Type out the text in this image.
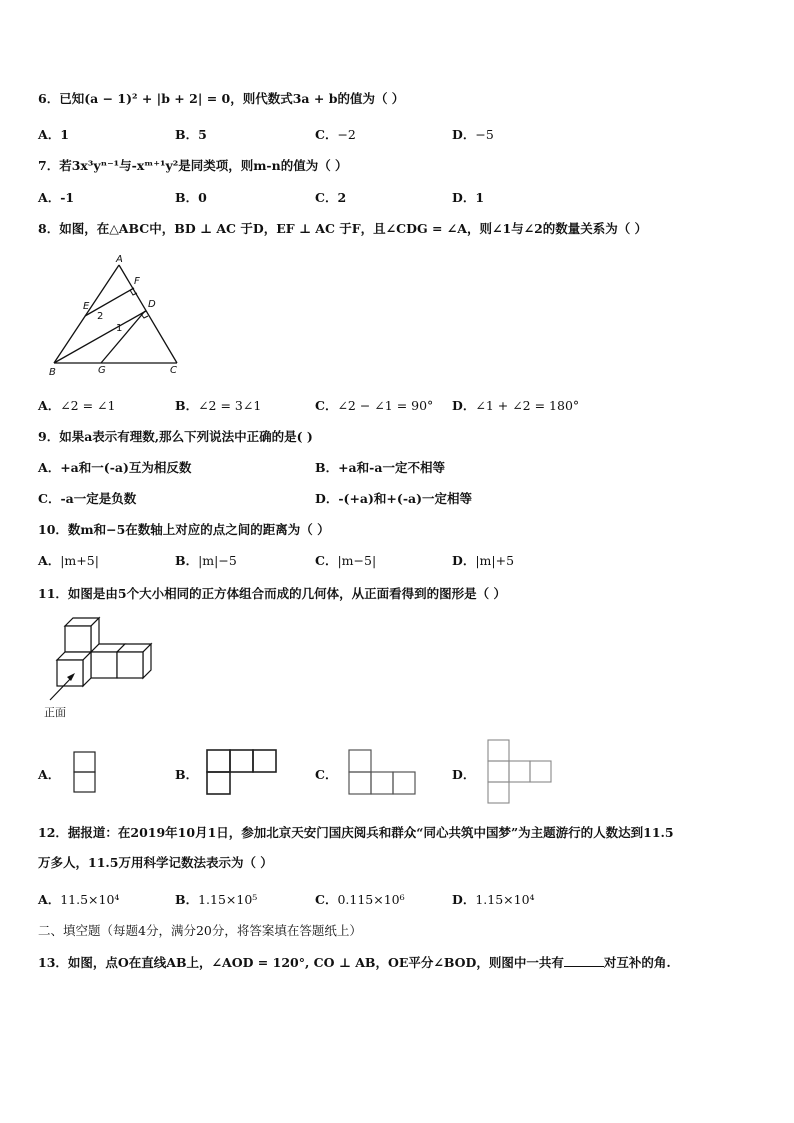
6．已知(a − 1)² + |b + 2| = 0，则代数式3a + b的值为（ ）
A．1	B．5	C．−2	D．−5
7．若3x³yⁿ⁻¹与-xᵐ⁺¹y²是同类项，则m-n的值为（ ）
A．-1	B．0	C．2	D．1
8．如图，在△ABC中，BD ⊥ AC 于D，EF ⊥ AC 于F，且∠CDG = ∠A，则∠1与∠2的数量关系为（ ）
A
F
E	D
B	G	C
2
1
A．∠2 = ∠1	B．∠2 = 3∠1	C．∠2 − ∠1 = 90° D．∠1 + ∠2 = 180°
9．如果a表示有理数,那么下列说法中正确的是( )
A．+a和一(-a)互为相反数	B．+a和-a一定不相等
C．-a一定是负数	D．-(+a)和+(-a)一定相等
10．数m和−5在数轴上对应的点之间的距离为（ ）
A．|m+5|	B．|m|−5	C．|m−5|	D．|m|+5
11．如图是由5个大小相同的正方体组合而成的几何体，从正面看得到的图形是（ ）
正面
A．	B．	C．	D．
12．据报道：在2019年10月1日，参加北京天安门国庆阅兵和群众“同心共筑中国梦”为主题游行的人数达到11.5
万多人，11.5万用科学记数法表示为（ ）
A．11.5×10⁴	B．1.15×10⁵	C．0.115×10⁶	D．1.15×10⁴
二、填空题（每题4分，满分20分，将答案填在答题纸上）
13．如图，点O在直线AB上，∠AOD = 120°, CO ⊥ AB，OE平分∠BOD，则图中一共有	对互补的角.
